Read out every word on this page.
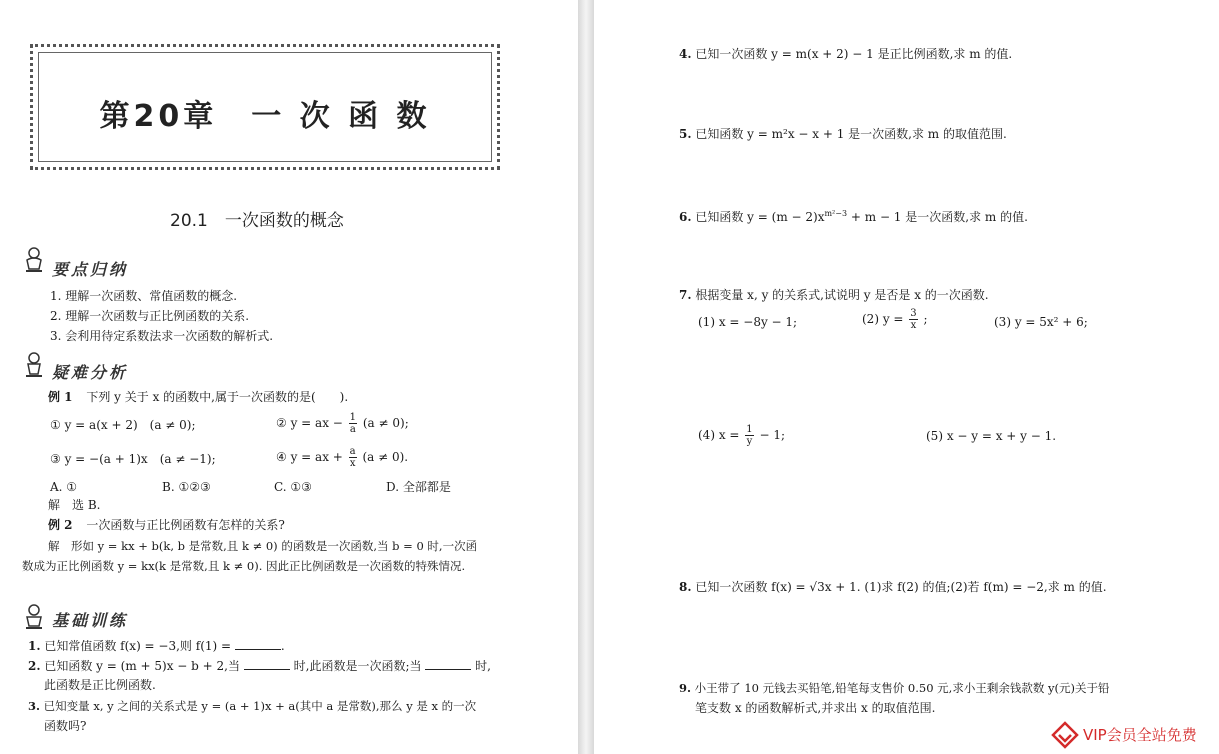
第20章　一 次 函 数
20.1　一次函数的概念
要点归纳
1. 理解一次函数、常值函数的概念.
2. 理解一次函数与正比例函数的关系.
3. 会利用待定系数法求一次函数的解析式.
疑难分析
例 1 下列 y 关于 x 的函数中,属于一次函数的是(　　).
① y = a(x + 2)　(a ≠ 0);	② y = ax − $\frac{1}{a} (a \ne 0)$;
③ y = −(a + 1)x　(a ≠ −1);	④ y = ax + $\frac{a}{x} (a \ne 0)$.
A. ①	B. ①②③	C. ①③	D. 全部都是
解　选 B.
例 2 一次函数与正比例函数有怎样的关系?
解　形如 y = kx + b(k, b 是常数,且 k ≠ 0) 的函数是一次函数,当 b = 0 时,一次函
数成为正比例函数 y = kx(k 是常数,且 k ≠ 0). 因此正比例函数是一次函数的特殊情况.
基础训练
1. 已知常值函数 f(x) = −3,则 f(1) =	.
2. 已知函数 y = (m + 5)x − b + 2,当	时,此函数是一次函数;当	时,
此函数是正比例函数.
3. 已知变量 x, y 之间的关系式是 y = (a + 1)x + a(其中 a 是常数),那么 y 是 x 的一次
函数吗?
4. 已知一次函数 y = m(x + 2) − 1 是正比例函数,求 m 的值.
5. 已知函数 y = m²x − x + 1 是一次函数,求 m 的取值范围.
6. 已知函数 $y = (m - 2)x^{m^2-3} + m - 1$ 是一次函数,求 m 的值.
7. 根据变量 x, y 的关系式,试说明 y 是否是 x 的一次函数.
(1) x = −8y − 1;	(2) $y = \frac{3}{x}$ ;	(3) y = 5x² + 6;
(4) $x = \frac{1}{y} - 1$;	(5) x − y = x + y − 1.
8. 已知一次函数 f(x) = √3x + 1. (1)求 f(2) 的值;(2)若 f(m) = −2,求 m 的值.
9. 小王带了 10 元钱去买铅笔,铅笔每支售价 0.50 元,求小王剩余钱款数 y(元)关于铅
笔支数 x 的函数解析式,并求出 x 的取值范围.
VIP会员全站免费
